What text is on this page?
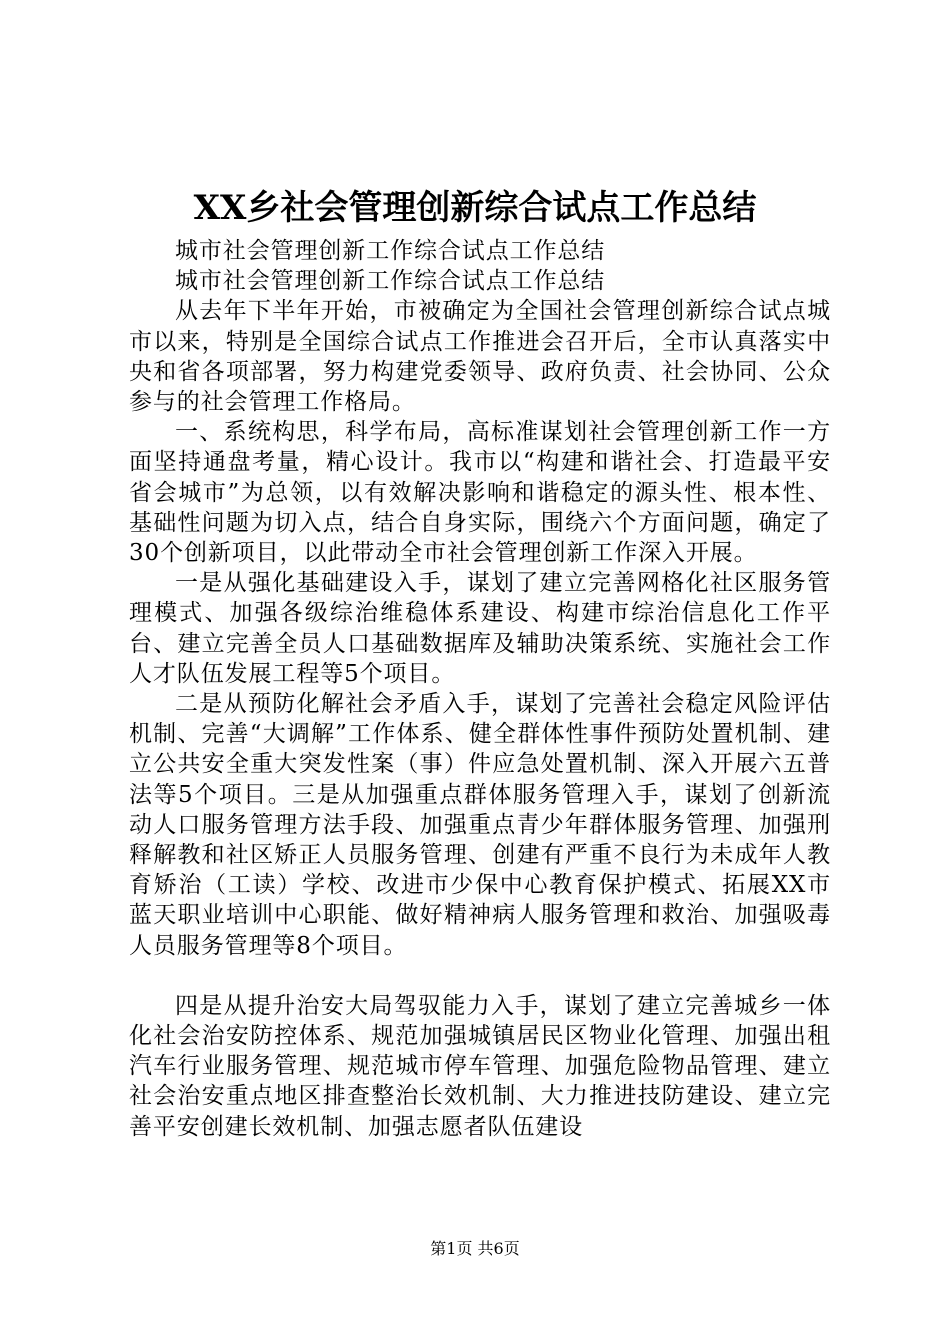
XX乡社会管理创新综合试点工作总结

城市社会管理创新工作综合试点工作总结

城市社会管理创新工作综合试点工作总结

从去年下半年开始，市被确定为全国社会管理创新综合试点城市以来，特别是全国综合试点工作推进会召开后，全市认真落实中央和省各项部署，努力构建党委领导、政府负责、社会协同、公众参与的社会管理工作格局。

一、系统构思，科学布局，高标准谋划社会管理创新工作一方面坚持通盘考量，精心设计。我市以“构建和谐社会、打造最平安省会城市”为总领，以有效解决影响和谐稳定的源头性、根本性、基础性问题为切入点，结合自身实际，围绕六个方面问题，确定了30个创新项目，以此带动全市社会管理创新工作深入开展。

一是从强化基础建设入手，谋划了建立完善网格化社区服务管理模式、加强各级综治维稳体系建设、构建市综治信息化工作平台、建立完善全员人口基础数据库及辅助决策系统、实施社会工作人才队伍发展工程等5个项目。

二是从预防化解社会矛盾入手，谋划了完善社会稳定风险评估机制、完善“大调解”工作体系、健全群体性事件预防处置机制、建立公共安全重大突发性案（事）件应急处置机制、深入开展六五普法等5个项目。三是从加强重点群体服务管理入手，谋划了创新流动人口服务管理方法手段、加强重点青少年群体服务管理、加强刑释解教和社区矫正人员服务管理、创建有严重不良行为未成年人教育矫治（工读）学校、改进市少保中心教育保护模式、拓展XX市蓝天职业培训中心职能、做好精神病人服务管理和救治、加强吸毒人员服务管理等8个项目。

四是从提升治安大局驾驭能力入手，谋划了建立完善城乡一体化社会治安防控体系、规范加强城镇居民区物业化管理、加强出租汽车行业服务管理、规范城市停车管理、加强危险物品管理、建立社会治安重点地区排查整治长效机制、大力推进技防建设、建立完善平安创建长效机制、加强志愿者队伍建设

第1页 共6页
